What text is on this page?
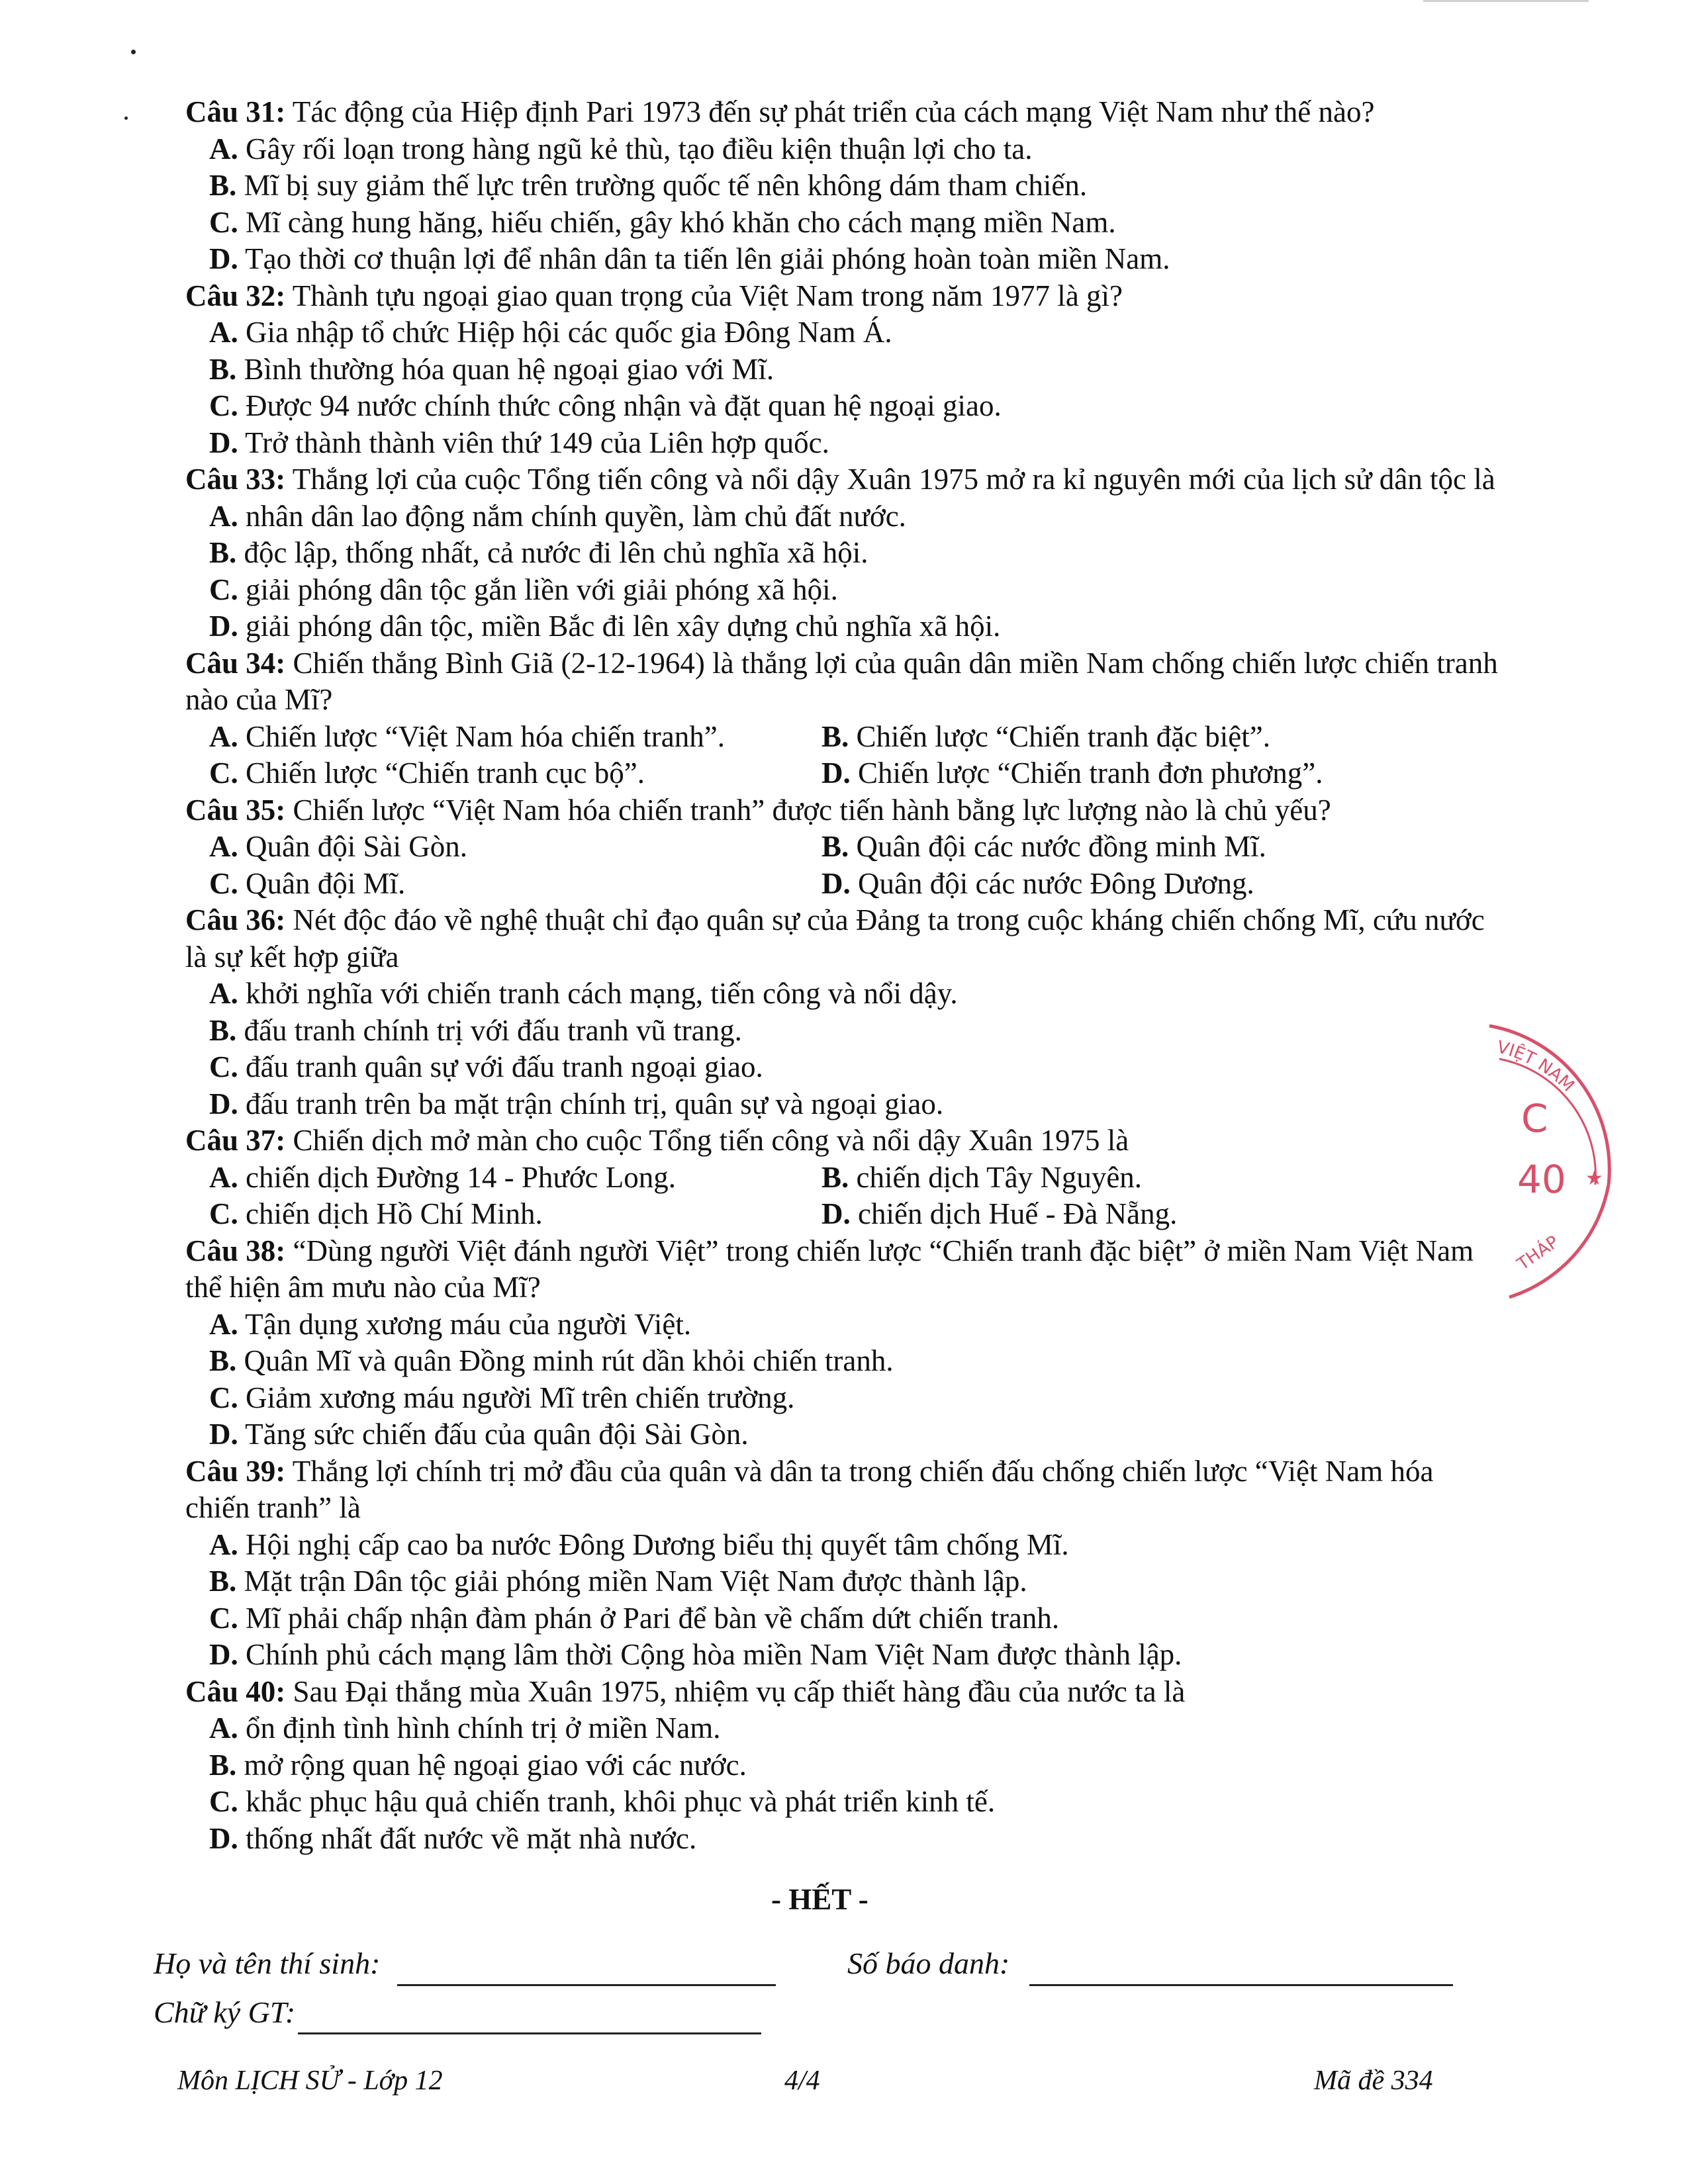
Câu 31: Tác động của Hiệp định Pari 1973 đến sự phát triển của cách mạng Việt Nam như thế nào?

A. Gây rối loạn trong hàng ngũ kẻ thù, tạo điều kiện thuận lợi cho ta.
B. Mĩ bị suy giảm thế lực trên trường quốc tế nên không dám tham chiến.
C. Mĩ càng hung hăng, hiếu chiến, gây khó khăn cho cách mạng miền Nam.
D. Tạo thời cơ thuận lợi để nhân dân ta tiến lên giải phóng hoàn toàn miền Nam.

Câu 32: Thành tựu ngoại giao quan trọng của Việt Nam trong năm 1977 là gì?

A. Gia nhập tổ chức Hiệp hội các quốc gia Đông Nam Á.
B. Bình thường hóa quan hệ ngoại giao với Mĩ.
C. Được 94 nước chính thức công nhận và đặt quan hệ ngoại giao.
D. Trở thành thành viên thứ 149 của Liên hợp quốc.

Câu 33: Thắng lợi của cuộc Tổng tiến công và nổi dậy Xuân 1975 mở ra kỉ nguyên mới của lịch sử dân tộc là

A. nhân dân lao động nắm chính quyền, làm chủ đất nước.
B. độc lập, thống nhất, cả nước đi lên chủ nghĩa xã hội.
C. giải phóng dân tộc gắn liền với giải phóng xã hội.
D. giải phóng dân tộc, miền Bắc đi lên xây dựng chủ nghĩa xã hội.

Câu 34: Chiến thắng Bình Giã (2-12-1964) là thắng lợi của quân dân miền Nam chống chiến lược chiến tranh nào của Mĩ?

A. Chiến lược “Việt Nam hóa chiến tranh”.	B. Chiến lược “Chiến tranh đặc biệt”.
C. Chiến lược “Chiến tranh cục bộ”.	D. Chiến lược “Chiến tranh đơn phương”.

Câu 35: Chiến lược “Việt Nam hóa chiến tranh” được tiến hành bằng lực lượng nào là chủ yếu?

A. Quân đội Sài Gòn.	B. Quân đội các nước đồng minh Mĩ.
C. Quân đội Mĩ.	D. Quân đội các nước Đông Dương.

Câu 36: Nét độc đáo về nghệ thuật chỉ đạo quân sự của Đảng ta trong cuộc kháng chiến chống Mĩ, cứu nước là sự kết hợp giữa

A. khởi nghĩa với chiến tranh cách mạng, tiến công và nổi dậy.
B. đấu tranh chính trị với đấu tranh vũ trang.
C. đấu tranh quân sự với đấu tranh ngoại giao.
D. đấu tranh trên ba mặt trận chính trị, quân sự và ngoại giao.

Câu 37: Chiến dịch mở màn cho cuộc Tổng tiến công và nổi dậy Xuân 1975 là

A. chiến dịch Đường 14 - Phước Long.	B. chiến dịch Tây Nguyên.
C. chiến dịch Hồ Chí Minh.	D. chiến dịch Huế - Đà Nẵng.

Câu 38: “Dùng người Việt đánh người Việt” trong chiến lược “Chiến tranh đặc biệt” ở miền Nam Việt Nam thể hiện âm mưu nào của Mĩ?

A. Tận dụng xương máu của người Việt.
B. Quân Mĩ và quân Đồng minh rút dần khỏi chiến tranh.
C. Giảm xương máu người Mĩ trên chiến trường.
D. Tăng sức chiến đấu của quân đội Sài Gòn.

Câu 39: Thắng lợi chính trị mở đầu của quân và dân ta trong chiến đấu chống chiến lược “Việt Nam hóa chiến tranh” là

A. Hội nghị cấp cao ba nước Đông Dương biểu thị quyết tâm chống Mĩ.
B. Mặt trận Dân tộc giải phóng miền Nam Việt Nam được thành lập.
C. Mĩ phải chấp nhận đàm phán ở Pari để bàn về chấm dứt chiến tranh.
D. Chính phủ cách mạng lâm thời Cộng hòa miền Nam Việt Nam được thành lập.

Câu 40: Sau Đại thắng mùa Xuân 1975, nhiệm vụ cấp thiết hàng đầu của nước ta là

A. ổn định tình hình chính trị ở miền Nam.
B. mở rộng quan hệ ngoại giao với các nước.
C. khắc phục hậu quả chiến tranh, khôi phục và phát triển kinh tế.
D. thống nhất đất nước về mặt nhà nước.
- HẾT -
Họ và tên thí sinh:	Số báo danh:
Chữ ký GT:
Môn LỊCH SỬ - Lớp 12	4/4	Mã đề 334
VIỆT NAM
C
40 ★
THÁP
